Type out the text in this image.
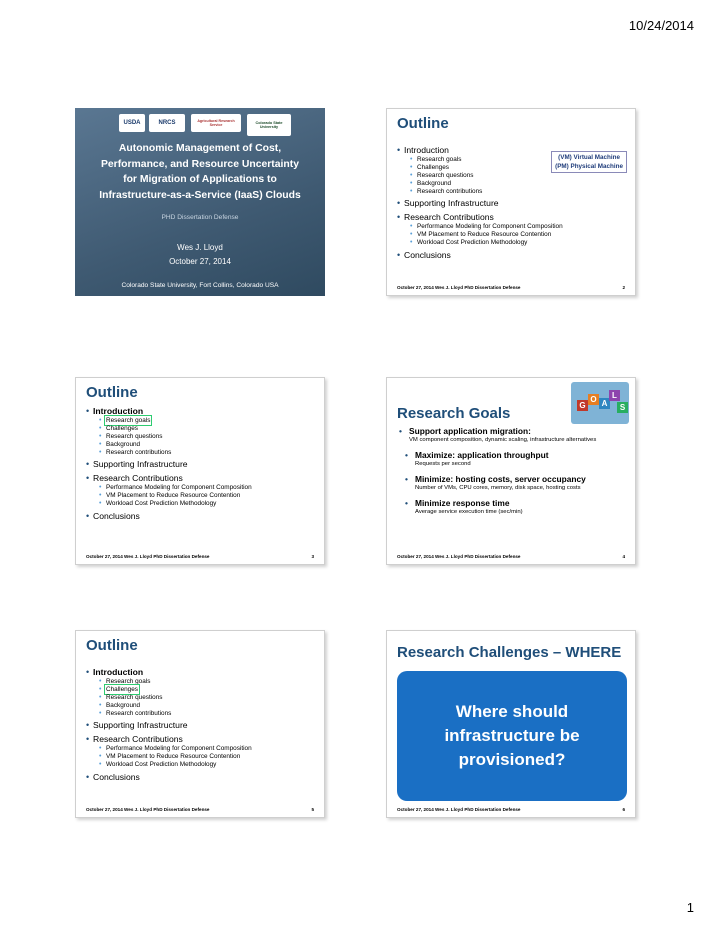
10/24/2014
USDA	NRCS	Agricultural Research Service	Colorado State University
Autonomic Management of Cost,
Performance, and Resource Uncertainty
for Migration of Applications to
Infrastructure-as-a-Service (IaaS) Clouds
PHD Dissertation Defense
Wes J. Lloyd
October 27, 2014
Colorado State University, Fort Collins, Colorado USA
Outline
(VM) Virtual Machine
(PM) Physical Machine
• Introduction
• Research goals
• Challenges
• Research questions
• Background
• Research contributions
• Supporting Infrastructure
• Research Contributions
• Performance Modeling for Component Composition
• VM Placement to Reduce Resource Contention
• Workload Cost Prediction Methodology
• Conclusions
October 27, 2014 Wes J. Lloyd PhD Dissertation Defense	2
Outline
• Introduction
• Research goals
• Challenges
• Research questions
• Background
• Research contributions
• Supporting Infrastructure
• Research Contributions
• Performance Modeling for Component Composition
• VM Placement to Reduce Resource Contention
• Workload Cost Prediction Methodology
• Conclusions
October 27, 2014 Wes J. Lloyd PhD Dissertation Defense	3
Research Goals	G
O A
L
S
• Support application migration:
VM component composition, dynamic scaling, infrastructure alternatives
• Maximize: application throughput
Requests per second
• Minimize: hosting costs, server occupancy
Number of VMs, CPU cores, memory, disk space, hosting costs
• Minimize response time
Average service execution time (sec/min)
October 27, 2014 Wes J. Lloyd PhD Dissertation Defense	4
Outline
• Introduction
• Research goals
• Challenges
• Research questions
• Background
• Research contributions
• Supporting Infrastructure
• Research Contributions
• Performance Modeling for Component Composition
• VM Placement to Reduce Resource Contention
• Workload Cost Prediction Methodology
• Conclusions
October 27, 2014 Wes J. Lloyd PhD Dissertation Defense	5
Research Challenges – WHERE
Where should
infrastructure be
provisioned?
October 27, 2014 Wes J. Lloyd PhD Dissertation Defense	6
1
